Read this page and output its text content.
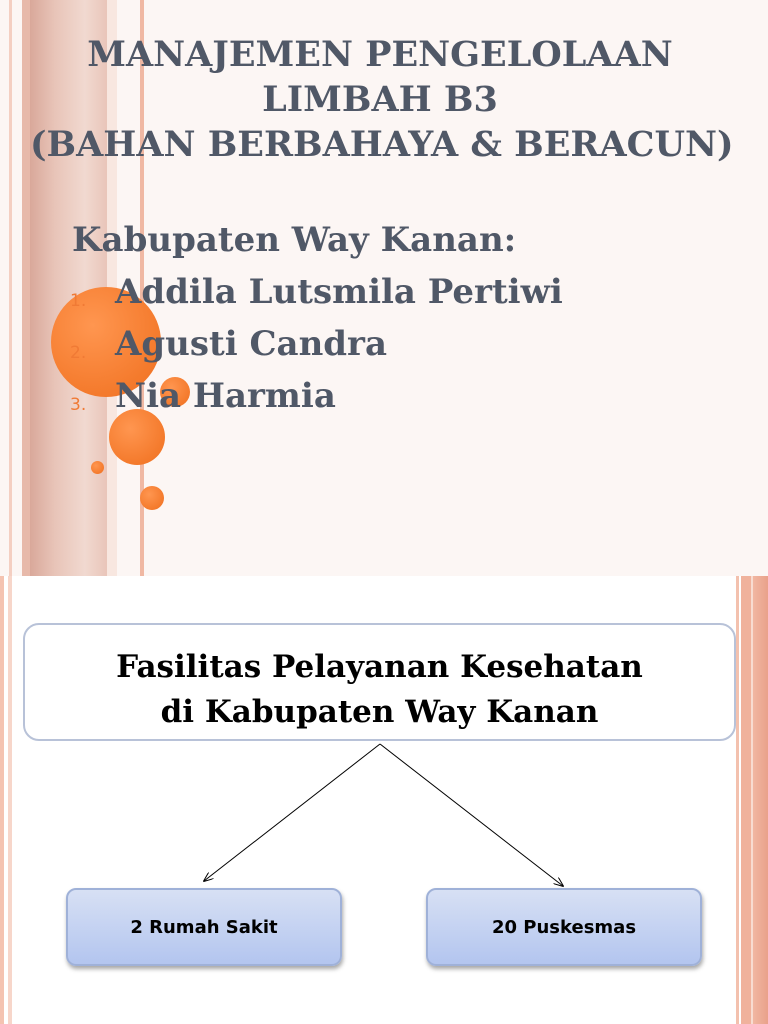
MANAJEMEN PENGELOLAAN
LIMBAH B3
(BAHAN BERBAHAYA & BERACUN)
Kabupaten Way Kanan:
1. Addila Lutsmila Pertiwi
2. Agusti Candra
3. Nia Harmia
Fasilitas Pelayanan Kesehatan
di Kabupaten Way Kanan
2 Rumah Sakit	20 Puskesmas
